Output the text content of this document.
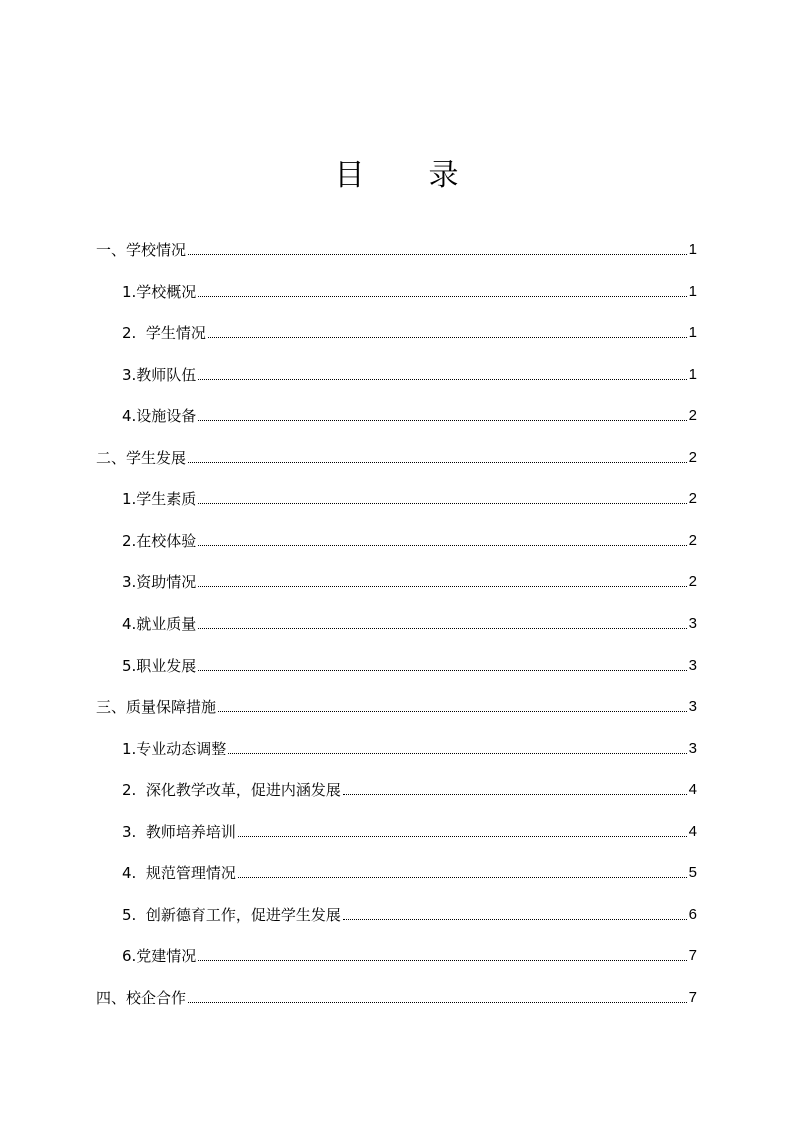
目 录
一、学校情况	1
1.学校概况	1
2.  学生情况	1
3.教师队伍	1
4.设施设备	2
二、学生发展	2
1.学生素质	2
2.在校体验	2
3.资助情况	2
4.就业质量	3
5.职业发展	3
三、质量保障措施	3
1.专业动态调整	3
2.  深化教学改革，促进内涵发展	4
3.  教师培养培训	4
4.  规范管理情况	5
5.  创新德育工作，促进学生发展	6
6.党建情况	7
四、校企合作	7
